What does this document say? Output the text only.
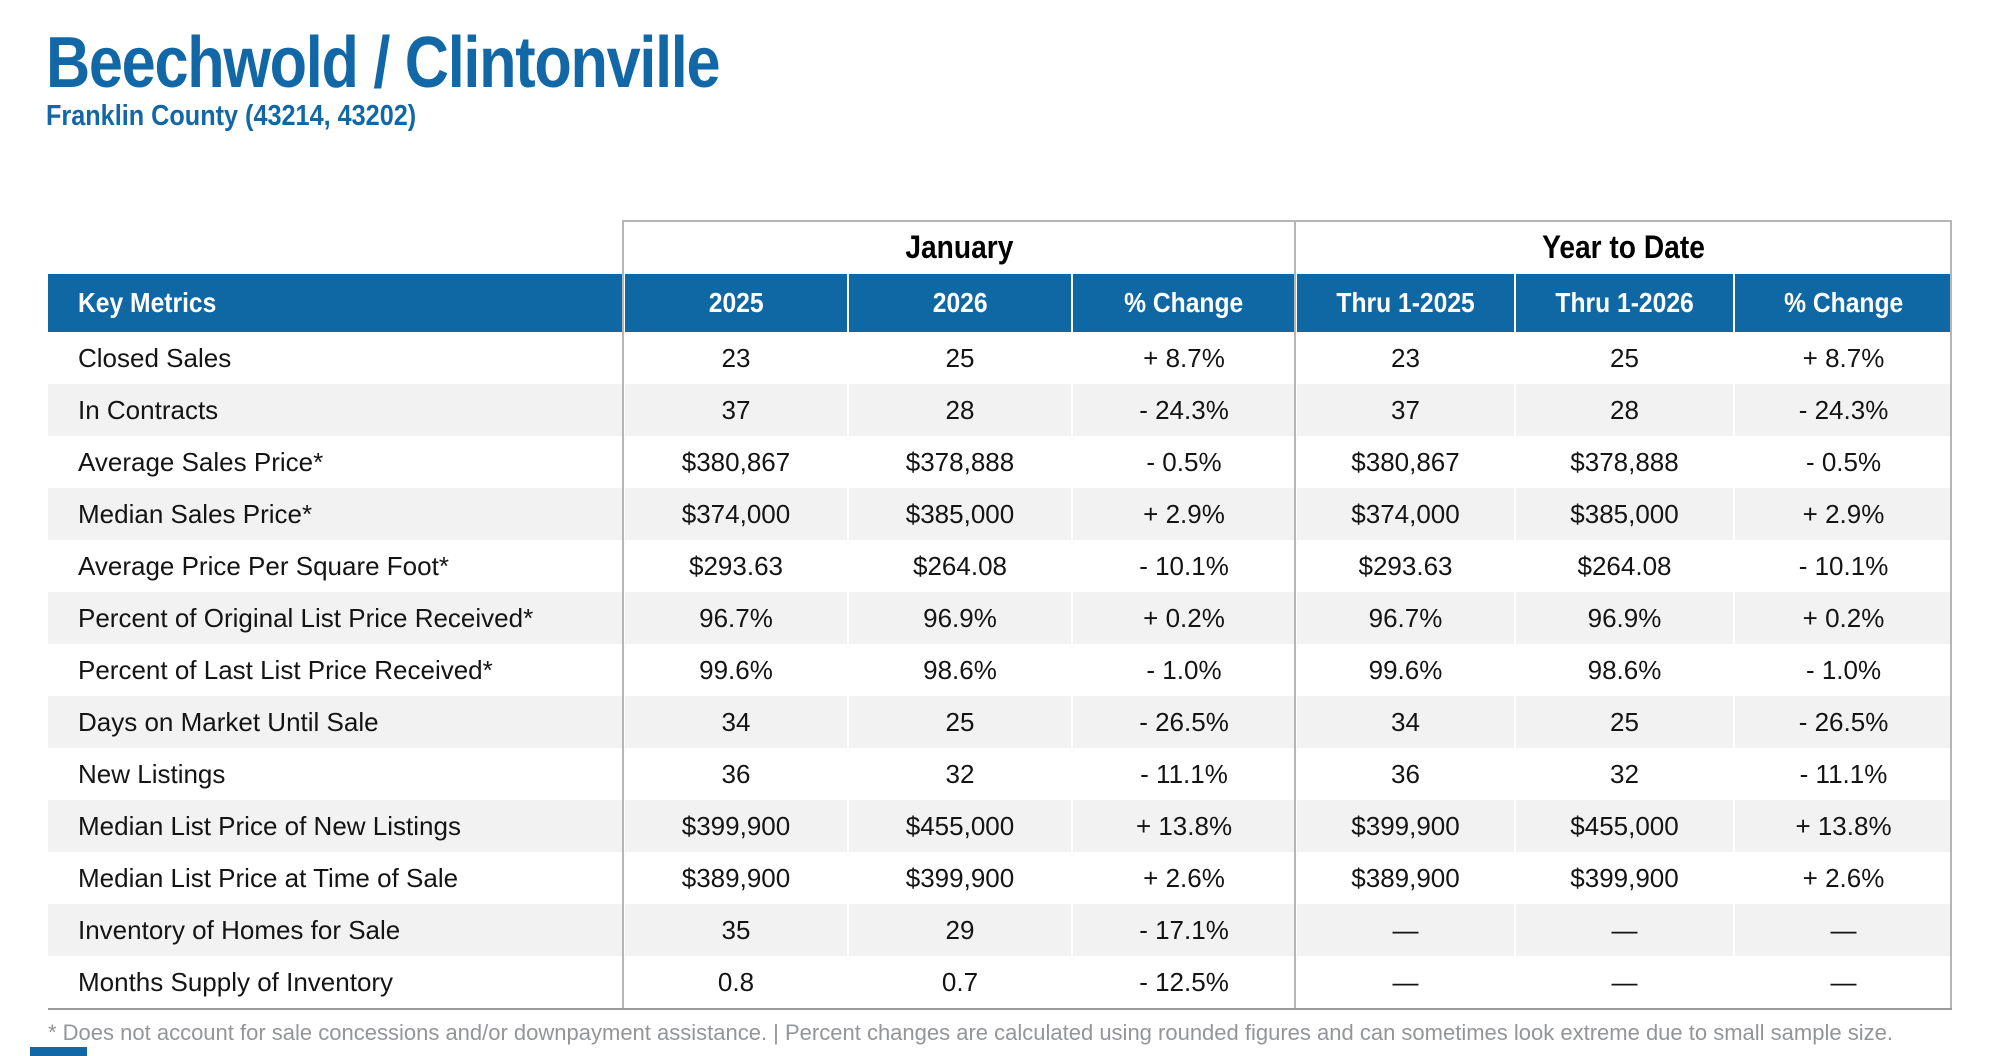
Beechwold / Clintonville
Franklin County (43214, 43202)
	January			Year to Date		
Key Metrics	2025	2026	% Change	Thru 1-2025	Thru 1-2026	% Change
Closed Sales	23	25	+ 8.7%	23	25	+ 8.7%
In Contracts	37	28	- 24.3%	37	28	- 24.3%
Average Sales Price*	$380,867	$378,888	- 0.5%	$380,867	$378,888	- 0.5%
Median Sales Price*	$374,000	$385,000	+ 2.9%	$374,000	$385,000	+ 2.9%
Average Price Per Square Foot*	$293.63	$264.08	- 10.1%	$293.63	$264.08	- 10.1%
Percent of Original List Price Received*	96.7%	96.9%	+ 0.2%	96.7%	96.9%	+ 0.2%
Percent of Last List Price Received*	99.6%	98.6%	- 1.0%	99.6%	98.6%	- 1.0%
Days on Market Until Sale	34	25	- 26.5%	34	25	- 26.5%
New Listings	36	32	- 11.1%	36	32	- 11.1%
Median List Price of New Listings	$399,900	$455,000	+ 13.8%	$399,900	$455,000	+ 13.8%
Median List Price at Time of Sale	$389,900	$399,900	+ 2.6%	$389,900	$399,900	+ 2.6%
Inventory of Homes for Sale	35	29	- 17.1%	—	—	—
Months Supply of Inventory	0.8	0.7	- 12.5%	—	—	—

* Does not account for sale concessions and/or downpayment assistance. | Percent changes are calculated using rounded figures and can sometimes look extreme due to small sample size.
